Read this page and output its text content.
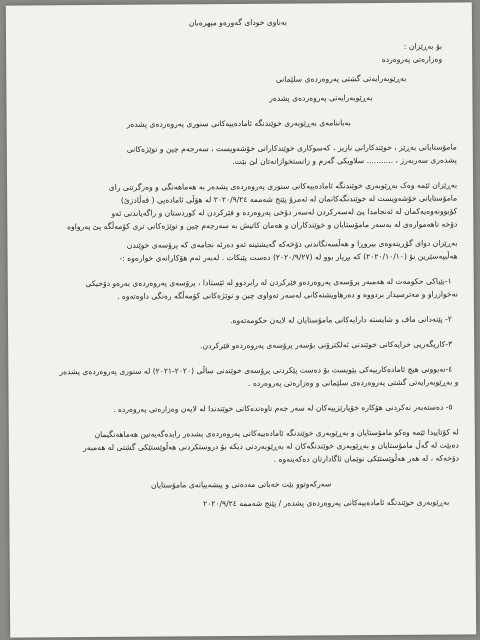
بەناوی خوداى گەورەو میهرەبان
بۆ بەڕێزان :
وەزارەتى پەروەردە
بەڕێوبەرایەتى گشتى پەروەردەى سلێمانى
بەڕێوبەرایەتى پەروەردەى پشدەر
بەیاننامەى بەڕێوبەرى خوێندنگە ئامادەییەکانى سنورى پەروەردەى پشدەر
مامۆستایانى بەڕێز ، خوێندکارانى نازیز ، کەسوکارى خوێندکارانى خۆشەویست ، سەرجەم چین و توێژەکانى
پشدەرى سەربەرز ، ........... سلاویکى گەرم و زانستخوازانەتان لێ بێت.
بەڕێزان ئێمە وەک بەڕێوبەرى خوێندنگە ئامادەییەکانى سنورى پەروەردەى پشدەر بە هەماهەنگى و وەرگرتنى راى
مامۆستایانى خۆشەویست لە خوێندنگەکانمان لە ئەمرۆ پێنج شەممە ٢٠٢٠/٩/٢٤ لە هۆڵى ئامادەیى ( قەڵادزێ)
کۆبوونەوەیەکمان لە ئەنجامدا پێ لەسەرکردن لەسەر دۆخى پەروەردە و فێرکردن لە کوردستان و راگەیاندنى ئەو
دۆخە ناهەموارەى لە بەسەر مامۆستایان و خوێندکاران و هەمان کاتیش بە سەرجەم چین و توێژەکانى ترى کۆمەڵگە پێ پەرواوە
بەڕێزان دواى گۆڕینەوەى بیروڕا و هەڵسەنگاندنى دۆخەکە گەیشتینە ئەو دەرئە نجامەى کە پرۆسەى خوێندن
هەڵبپەسێرین بۆ (٢٠٢٠/١٠/١٠) کە بڕیار بوو لە (٢٠٢٠/٩/٢٧) دەست پێبکات . لەبەر ئەم هۆکارانەی خوارەوە :-
١-بێباکى حکومەت لە هەمبەر پرۆسەى پەروەردەو فێرکردن لە رابردوو لە ئێستادا ، پرۆسەى پەروەردەى بەرەو دۆخیکی
نەخوازراو و مەترسیدار بردووە و دەرهاویشتەکانى لەسەر تەواوى چین و توێژەکانى کۆمەڵگە رەنگى داوەتەوە .
٢- پێنەدانى ماف و شایستە دارایەکانى مامۆستایان لە لایەن حکومەتەوە.
٣-کاریگەریى خراپەکانى خوێندنى ئەلکترۆنى بۆسەر پرۆسەى پەروەردەو فێرکردن.
٤-نەبوونى هیچ ئامادەکارییەکى پێویست بۆ دەست پێکردنى پرۆسەى خوێندنى ساڵى (٢٠٢٠-٢٠٢١) لە سنورى پەروەردەى پشدەر
و بەڕێوبەرایەتى گشتى پەروەردەى سلێمانى و وەزارەتى پەروەردە .
٥- دەستەبەر نەکردنى هۆکارە خۆپارێزییەکان لە سەر جەم ناوەندەکانى خوێندندا لە لایەن وەزارەتى پەروەردە .
لە کۆتاییدا ئێمە وەکو مامۆستایان و بەڕێوبەرى خوێندنگە ئامادەییەکانى پەروەردەى پشدەر رایدەگەیەنین هەماهەنگیمان
دەبێت لە گەڵ مامۆستایان و بەڕێوبەرى خوێندنگەکان لە بەڕێوبەردنى دیکە بۆ دروستکردنى هەڵوێستێکى گشتى لە هەمبەر
دۆخەکە ، لە هەر هەڵوێستێکى نوێمان ئاگادارتان دەکەینەوە .
سەرکەوتوو بێت خەباتى مەدەنى و پیشەییانەى مامۆستایان
بەڕێوبەرى خوێندنگە ئامادەییەکانى پەروەردەى پشدەر / پێنج شەممە ٢٠٢٠/٩/٢٤
